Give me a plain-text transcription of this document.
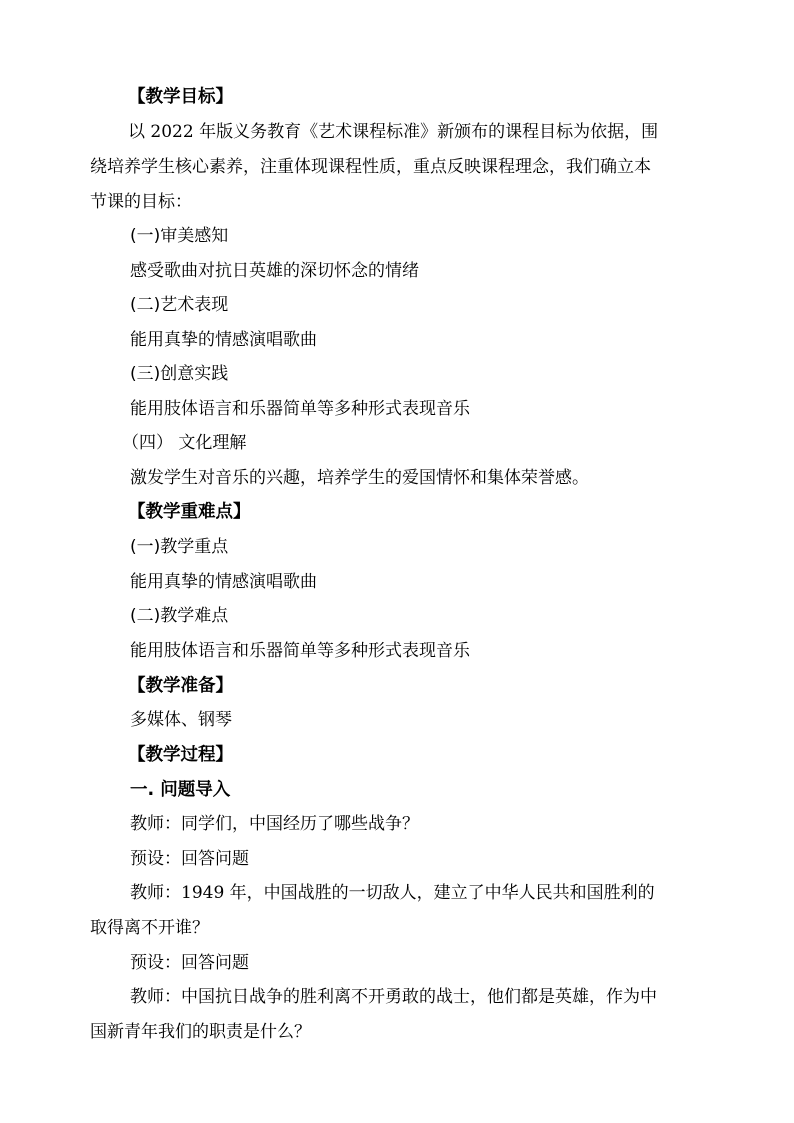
【教学目标】
以 2022 年版义务教育《艺术课程标准》新颁布的课程目标为依据，围
绕培养学生核心素养，注重体现课程性质，重点反映课程理念，我们确立本
节课的目标：
(一)审美感知
感受歌曲对抗日英雄的深切怀念的情绪
(二)艺术表现
能用真挚的情感演唱歌曲
(三)创意实践
能用肢体语言和乐器简单等多种形式表现音乐
（四） 文化理解
激发学生对音乐的兴趣，培养学生的爱国情怀和集体荣誉感。
【教学重难点】
(一)教学重点
能用真挚的情感演唱歌曲
(二)教学难点
能用肢体语言和乐器简单等多种形式表现音乐
【教学准备】
多媒体、钢琴
【教学过程】
一. 问题导入
教师：同学们，中国经历了哪些战争？
预设：回答问题
教师：1949 年，中国战胜的一切敌人，建立了中华人民共和国胜利的
取得离不开谁？
预设：回答问题
教师：中国抗日战争的胜利离不开勇敢的战士，他们都是英雄，作为中
国新青年我们的职责是什么？
